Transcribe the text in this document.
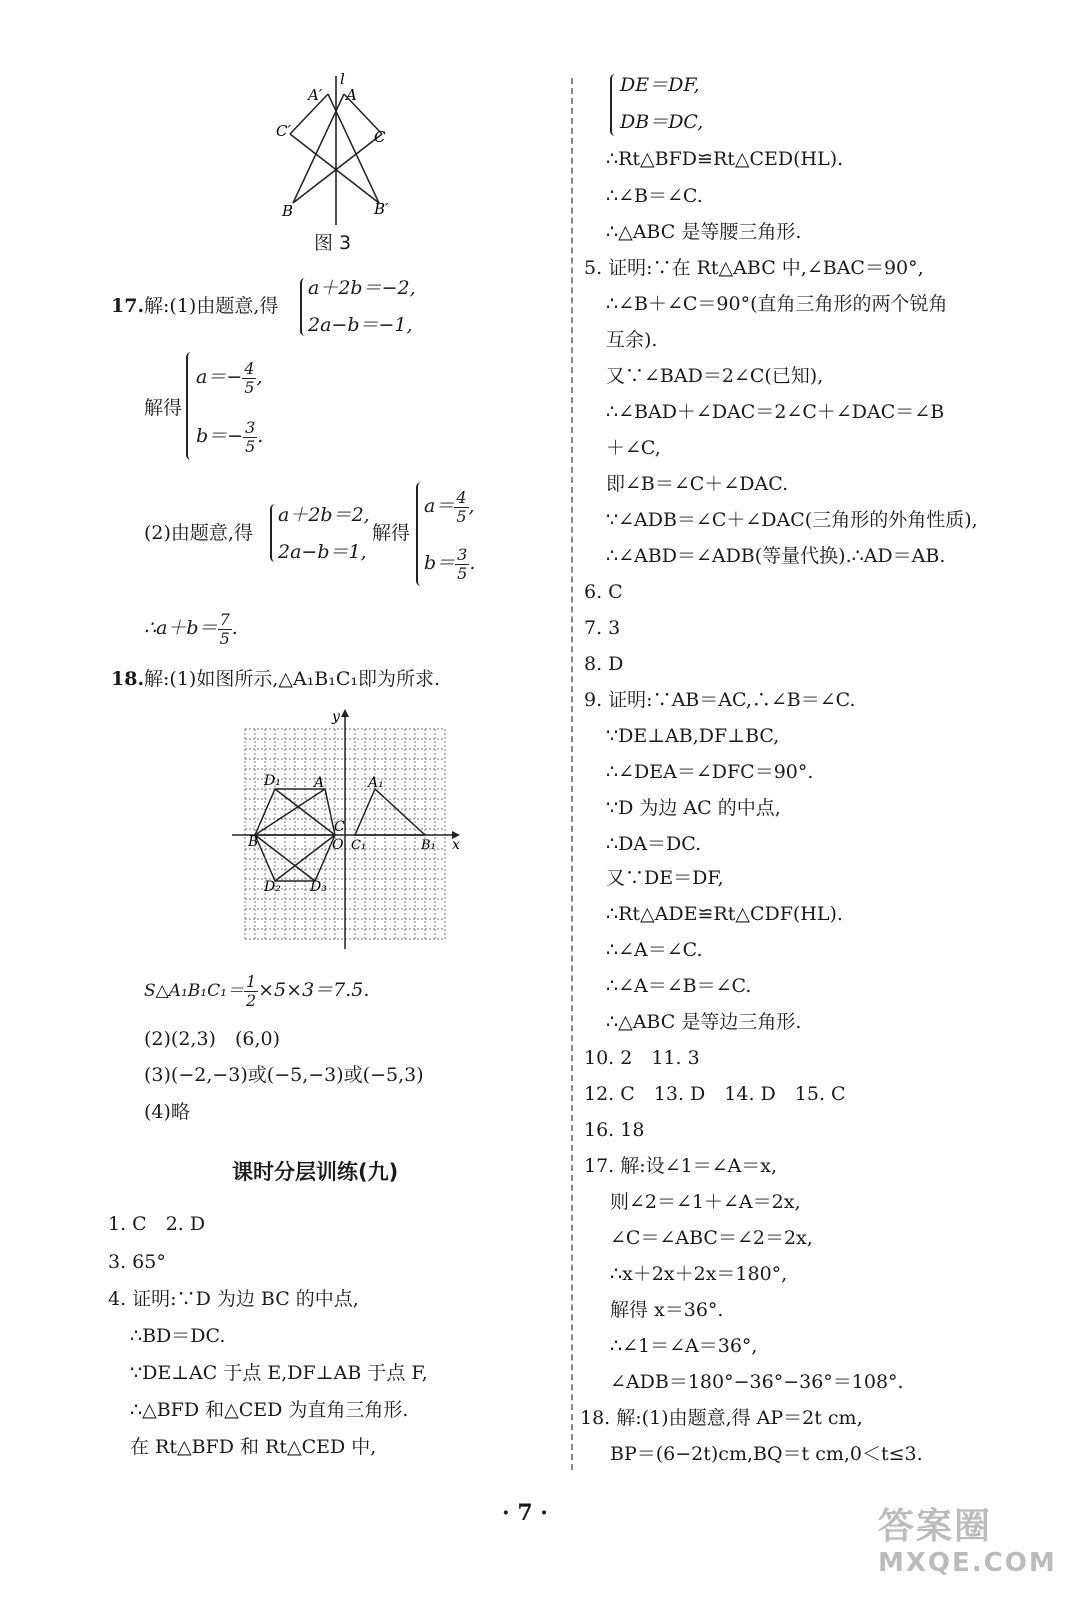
l
A′ A
C′	C
B	B′
图 3
17. 解:(1)由题意,得
a＋2b＝−2,
2a−b＝−1,
解得
$a=- \frac{4}{5}$ ,
$b=- \frac{3}{5}$ .
(2)由题意,得
a＋2b＝2,
2a−b＝1,
解得
$a= \frac{4}{5}$ ,
$b= \frac{3}{5}$ .
∴a＋b＝ $\frac{7}{5}$ .
18. 解:(1)如图所示,△A₁B₁C₁即为所求.
y
x
O
A	A₁
D₁
D₂ D₃
B
C
C₁	B₁
S△A₁B₁C₁＝ $\frac{1}{2} \times 5\times 3=7.5$.
(2)(2,3)　(6,0)
(3)(−2,−3)或(−5,−3)或(−5,3)
(4)略
课时分层训练(九)
1. C　2. D
3. 65°
4. 证明:∵D 为边 BC 的中点,
∴BD＝DC.
∵DE⊥AC 于点 E,DF⊥AB 于点 F,
∴△BFD 和△CED 为直角三角形.
在 Rt△BFD 和 Rt△CED 中,
DE＝DF,
DB＝DC,
∴Rt△BFD≌Rt△CED(HL).
∴∠B＝∠C.
∴△ABC 是等腰三角形.
5. 证明:∵在 Rt△ABC 中,∠BAC＝90°,
∴∠B＋∠C＝90°(直角三角形的两个锐角
互余).
又∵∠BAD＝2∠C(已知),
∴∠BAD＋∠DAC＝2∠C＋∠DAC＝∠B
＋∠C,
即∠B＝∠C＋∠DAC.
∵∠ADB＝∠C＋∠DAC(三角形的外角性质),
∴∠ABD＝∠ADB(等量代换).∴AD＝AB.
6. C
7. 3
8. D
9. 证明:∵AB＝AC,∴∠B＝∠C.
∵DE⊥AB,DF⊥BC,
∴∠DEA＝∠DFC＝90°.
∵D 为边 AC 的中点,
∴DA＝DC.
又∵DE＝DF,
∴Rt△ADE≌Rt△CDF(HL).
∴∠A＝∠C.
∴∠A＝∠B＝∠C.
∴△ABC 是等边三角形.
10. 2　11. 3
12. C　13. D　14. D　15. C
16. 18
17. 解:设∠1＝∠A＝x,
则∠2＝∠1＋∠A＝2x,
∠C＝∠ABC＝∠2＝2x,
∴x＋2x＋2x＝180°,
解得 x＝36°.
∴∠1＝∠A＝36°,
∠ADB＝180°−36°−36°＝108°.
18. 解:(1)由题意,得 AP＝2t cm,
BP＝(6−2t)cm,BQ＝t cm,0＜t≤3.
· 7 ·	答案圈
MXQE.COM
